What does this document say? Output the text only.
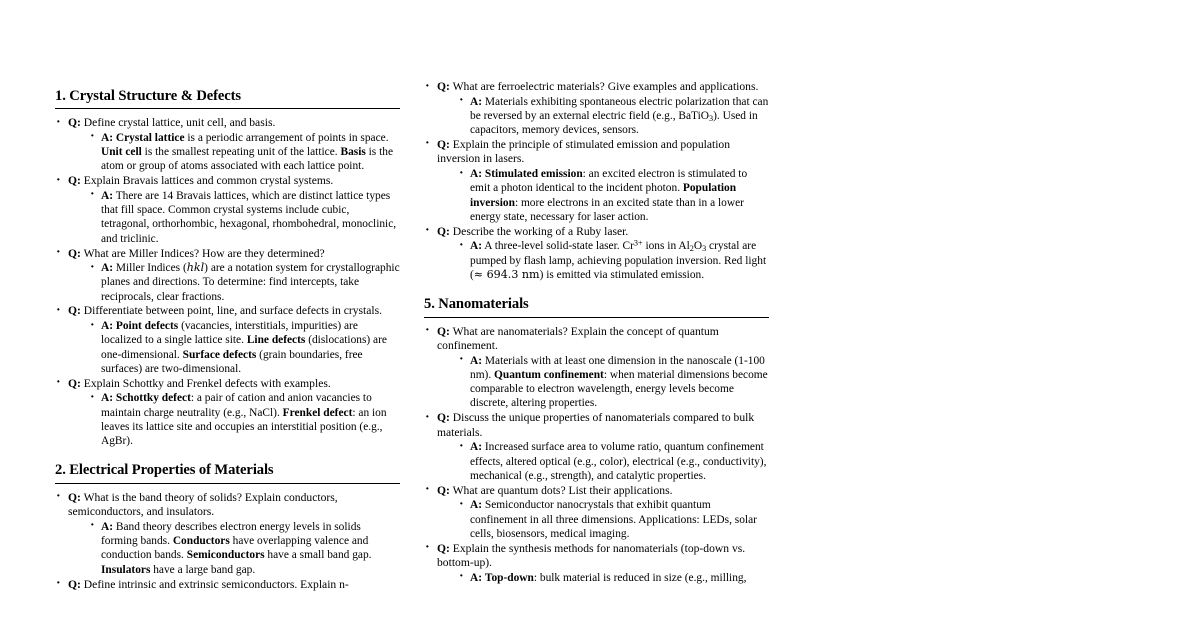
1. Crystal Structure & Defects
· Q: Define crystal lattice, unit cell, and basis.
· A: Crystal lattice is a periodic arrangement of points in space. Unit cell is the smallest repeating unit of the lattice. Basis is the atom or group of atoms associated with each lattice point.
· Q: Explain Bravais lattices and common crystal systems.
· A: There are 14 Bravais lattices, which are distinct lattice types that fill space. Common crystal systems include cubic, tetragonal, orthorhombic, hexagonal, rhombohedral, monoclinic, and triclinic.
· Q: What are Miller Indices? How are they determined?
· A: Miller Indices (hkl) are a notation system for crystallographic planes and directions. To determine: find intercepts, take reciprocals, clear fractions.
· Q: Differentiate between point, line, and surface defects in crystals.
· A: Point defects (vacancies, interstitials, impurities) are localized to a single lattice site. Line defects (dislocations) are one-dimensional. Surface defects (grain boundaries, free surfaces) are two-dimensional.
· Q: Explain Schottky and Frenkel defects with examples.
· A: Schottky defect: a pair of cation and anion vacancies to maintain charge neutrality (e.g., NaCl). Frenkel defect: an ion leaves its lattice site and occupies an interstitial position (e.g., AgBr).
2. Electrical Properties of Materials
· Q: What is the band theory of solids? Explain conductors, semiconductors, and insulators.
· A: Band theory describes electron energy levels in solids forming bands. Conductors have overlapping valence and conduction bands. Semiconductors have a small band gap. Insulators have a large band gap.
· Q: Define intrinsic and extrinsic semiconductors. Explain n-
· Q: What are ferroelectric materials? Give examples and applications.
· A: Materials exhibiting spontaneous electric polarization that can be reversed by an external electric field (e.g., BaTiO$_3$). Used in capacitors, memory devices, sensors.
· Q: Explain the principle of stimulated emission and population inversion in lasers.
· A: Stimulated emission: an excited electron is stimulated to emit a photon identical to the incident photon. Population inversion: more electrons in an excited state than in a lower energy state, necessary for laser action.
· Q: Describe the working of a Ruby laser.
· A: A three-level solid-state laser. $Cr^{3+}$ ions in $Al_2O_3$ crystal are pumped by flash lamp, achieving population inversion. Red light (≈ 694.3 nm) is emitted via stimulated emission.
5. Nanomaterials
· Q: What are nanomaterials? Explain the concept of quantum confinement.
· A: Materials with at least one dimension in the nanoscale (1-100 nm). Quantum confinement: when material dimensions become comparable to electron wavelength, energy levels become discrete, altering properties.
· Q: Discuss the unique properties of nanomaterials compared to bulk materials.
· A: Increased surface area to volume ratio, quantum confinement effects, altered optical (e.g., color), electrical (e.g., conductivity), mechanical (e.g., strength), and catalytic properties.
· Q: What are quantum dots? List their applications.
· A: Semiconductor nanocrystals that exhibit quantum confinement in all three dimensions. Applications: LEDs, solar cells, biosensors, medical imaging.
· Q: Explain the synthesis methods for nanomaterials (top-down vs. bottom-up).
· A: Top-down: bulk material is reduced in size (e.g., milling,
